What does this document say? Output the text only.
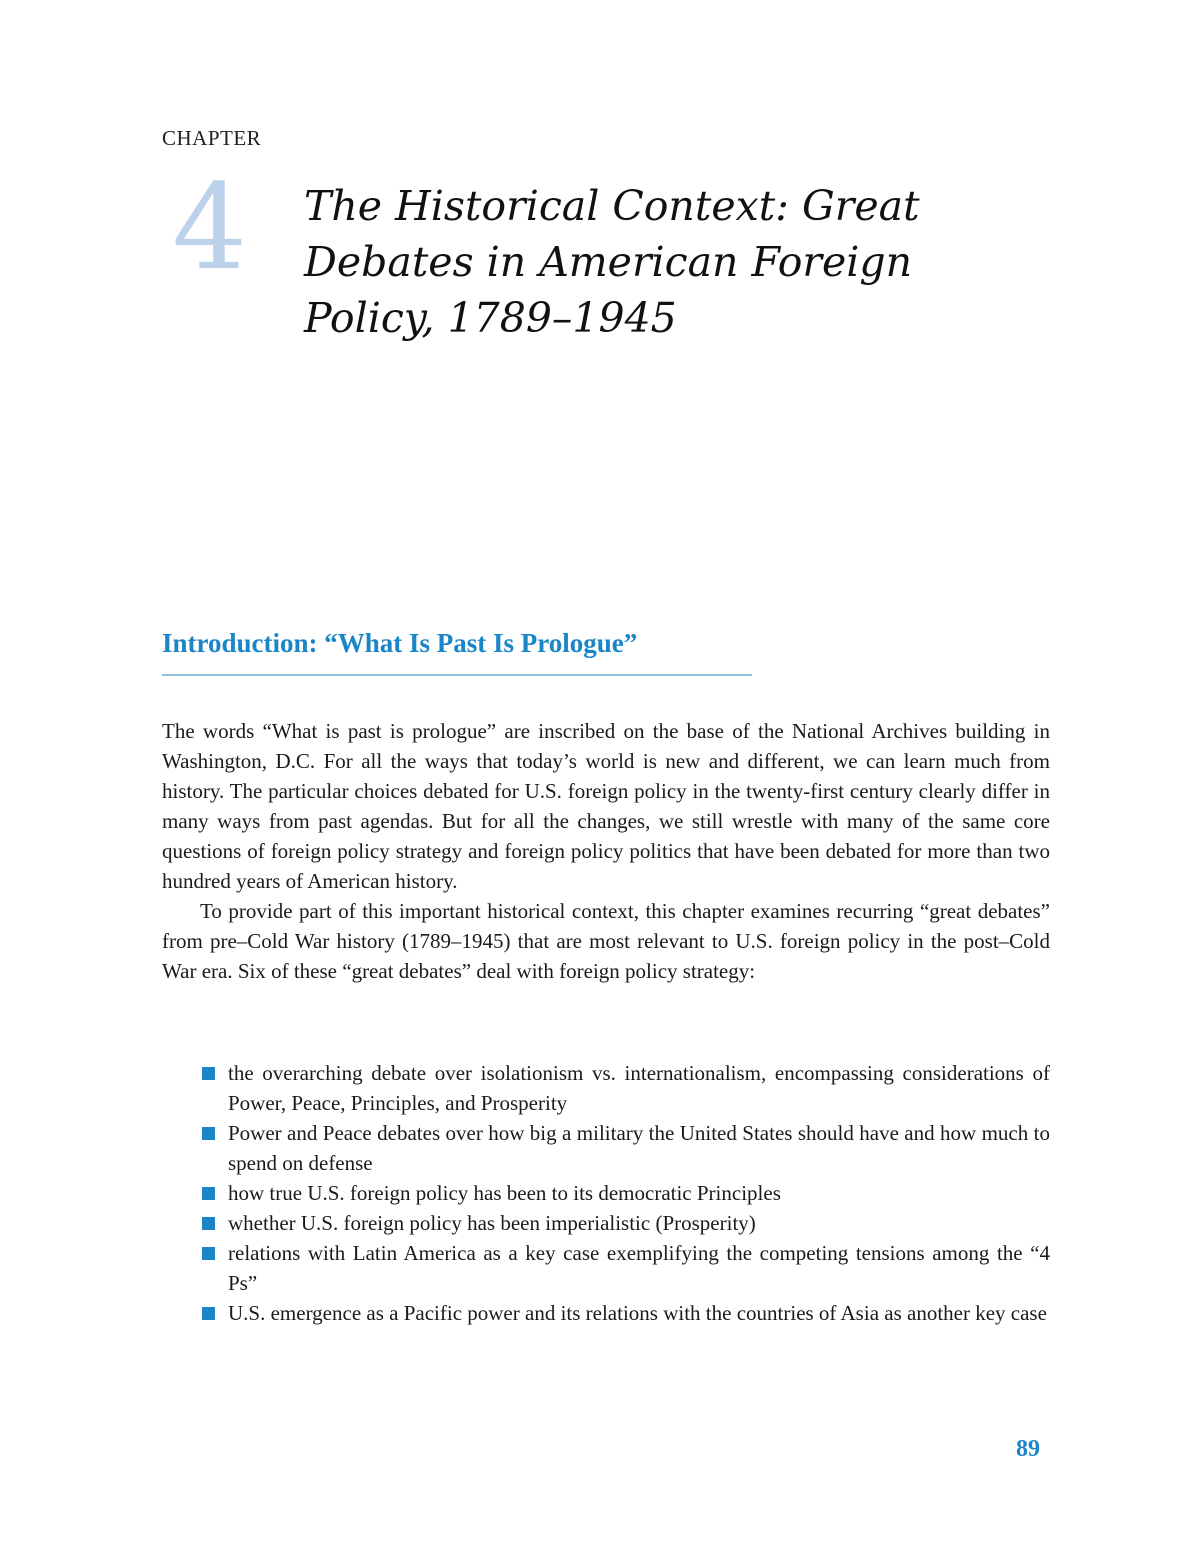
CHAPTER
4 The Historical Context: Great
Debates in American Foreign
Policy, 1789–1945
Introduction: “What Is Past Is Prologue”

The words “What is past is prologue” are inscribed on the base of the National Archives building in Washington, D.C. For all the ways that today’s world is new and different, we can learn much from history. The particular choices debated for U.S. foreign policy in the twenty-first century clearly differ in many ways from past agendas. But for all the changes, we still wrestle with many of the same core questions of foreign policy strategy and foreign policy politics that have been debated for more than two hundred years of American history.

To provide part of this important historical context, this chapter examines recurring “great debates” from pre–Cold War history (1789–1945) that are most relevant to U.S. foreign policy in the post–Cold War era. Six of these “great debates” deal with foreign policy strategy:

the overarching debate over isolationism vs. internationalism, encompassing considerations of Power, Peace, Principles, and Prosperity
Power and Peace debates over how big a military the United States should have and how much to spend on defense
how true U.S. foreign policy has been to its democratic Principles
whether U.S. foreign policy has been imperialistic (Prosperity)
relations with Latin America as a key case exemplifying the competing tensions among the “4 Ps”
U.S. emergence as a Pacific power and its relations with the countries of Asia as another key case
89
